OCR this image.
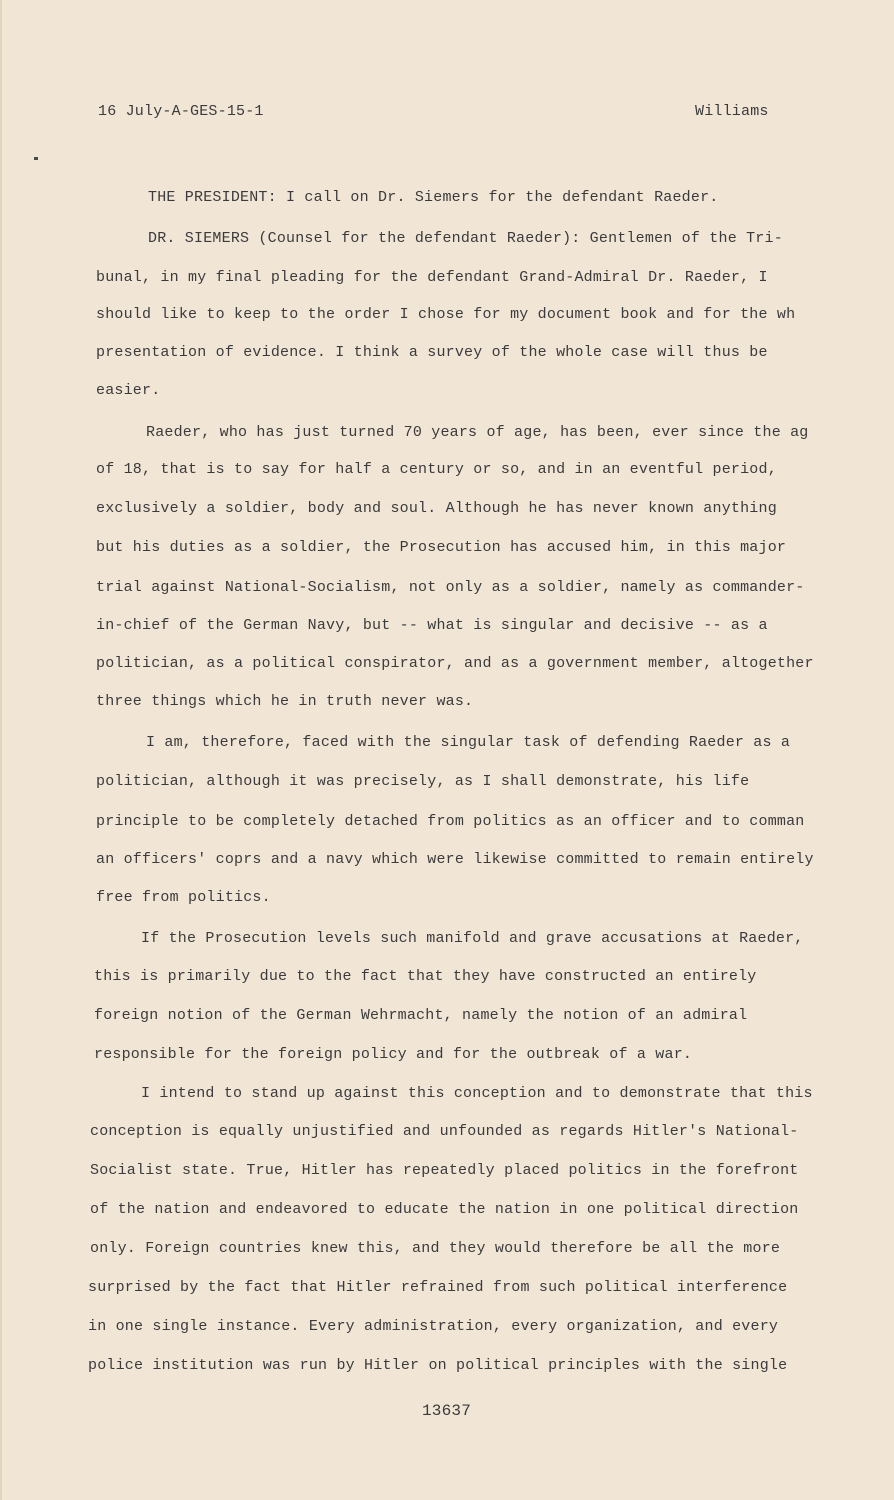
16 July-A-GES-15-1	Williams
THE PRESIDENT: I call on Dr. Siemers for the defendant Raeder.
DR. SIEMERS (Counsel for the defendant Raeder): Gentlemen of the Tri-
bunal, in my final pleading for the defendant Grand-Admiral Dr. Raeder, I
should like to keep to the order I chose for my document book and for the wh
presentation of evidence. I think a survey of the whole case will thus be
easier.
Raeder, who has just turned 70 years of age, has been, ever since the ag
of 18, that is to say for half a century or so, and in an eventful period,
exclusively a soldier, body and soul. Although he has never known anything
but his duties as a soldier, the Prosecution has accused him, in this major
trial against National-Socialism, not only as a soldier, namely as commander-
in-chief of the German Navy, but -- what is singular and decisive -- as a
politician, as a political conspirator, and as a government member, altogether
three things which he in truth never was.
I am, therefore, faced with the singular task of defending Raeder as a
politician, although it was precisely, as I shall demonstrate, his life
principle to be completely detached from politics as an officer and to comman
an officers' coprs and a navy which were likewise committed to remain entirely
free from politics.
If the Prosecution levels such manifold and grave accusations at Raeder,
this is primarily due to the fact that they have constructed an entirely
foreign notion of the German Wehrmacht, namely the notion of an admiral
responsible for the foreign policy and for the outbreak of a war.
I intend to stand up against this conception and to demonstrate that this
conception is equally unjustified and unfounded as regards Hitler's National-
Socialist state. True, Hitler has repeatedly placed politics in the forefront
of the nation and endeavored to educate the nation in one political direction
only. Foreign countries knew this, and they would therefore be all the more
surprised by the fact that Hitler refrained from such political interference
in one single instance. Every administration, every organization, and every
police institution was run by Hitler on political principles with the single
13637
